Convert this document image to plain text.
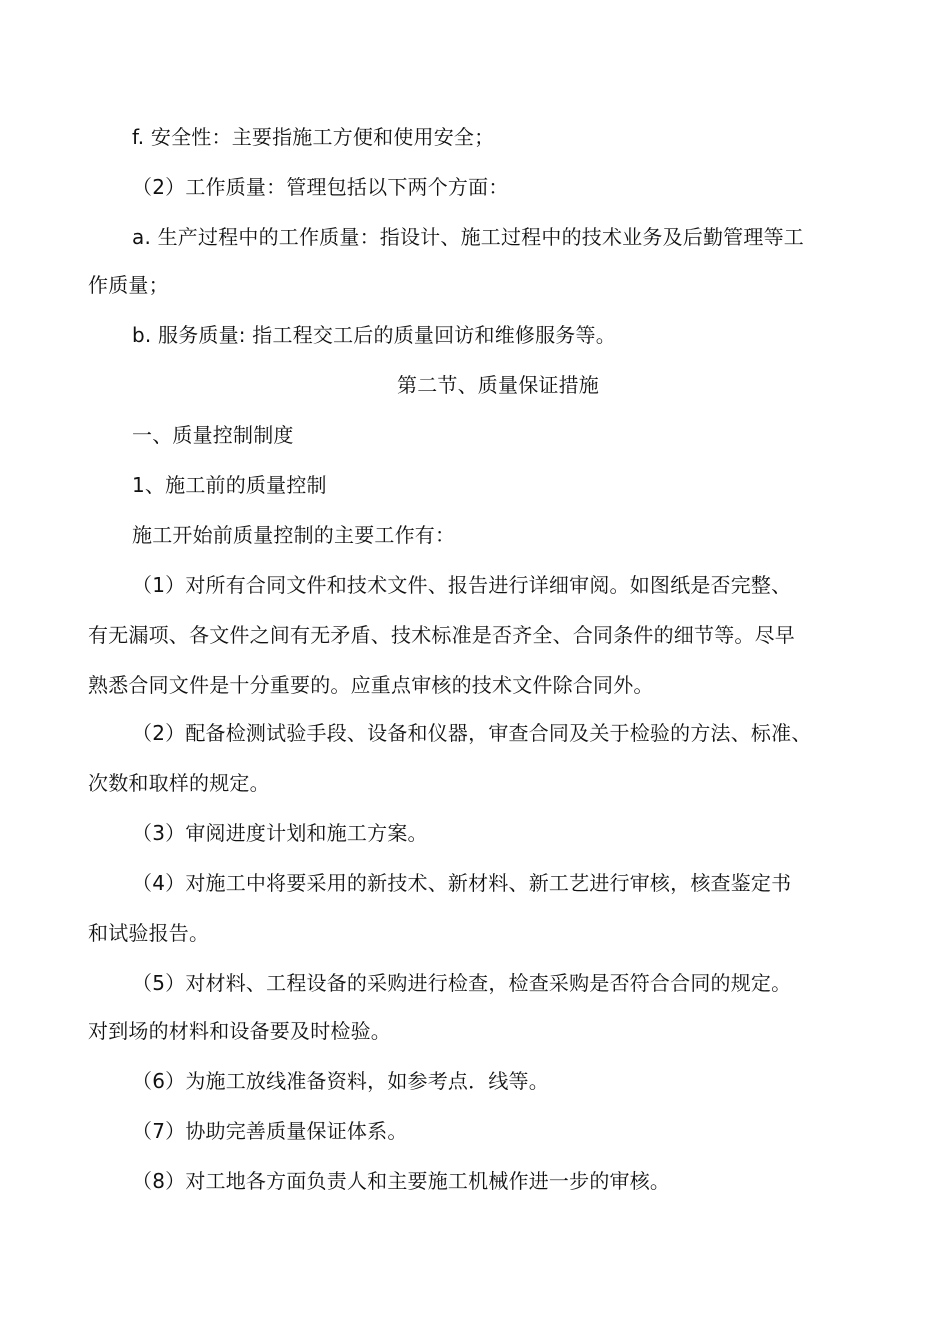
f. 安全性：主要指施工方便和使用安全；
（2）工作质量：管理包括以下两个方面：
a. 生产过程中的工作质量：指设计、施工过程中的技术业务及后勤管理等工
作质量；
b. 服务质量: 指工程交工后的质量回访和维修服务等。
第二节、质量保证措施
一、质量控制制度
1、施工前的质量控制
施工开始前质量控制的主要工作有：
（1）对所有合同文件和技术文件、报告进行详细审阅。如图纸是否完整、
有无漏项、各文件之间有无矛盾、技术标准是否齐全、合同条件的细节等。尽早
熟悉合同文件是十分重要的。应重点审核的技术文件除合同外。
（2）配备检测试验手段、设备和仪器，审查合同及关于检验的方法、标准、
次数和取样的规定。
（3）审阅进度计划和施工方案。
（4）对施工中将要采用的新技术、新材料、新工艺进行审核，核查鉴定书
和试验报告。
（5）对材料、工程设备的采购进行检查，检查采购是否符合合同的规定。
对到场的材料和设备要及时检验。
（6）为施工放线准备资料，如参考点．线等。
（7）协助完善质量保证体系。
（8）对工地各方面负责人和主要施工机械作进一步的审核。
